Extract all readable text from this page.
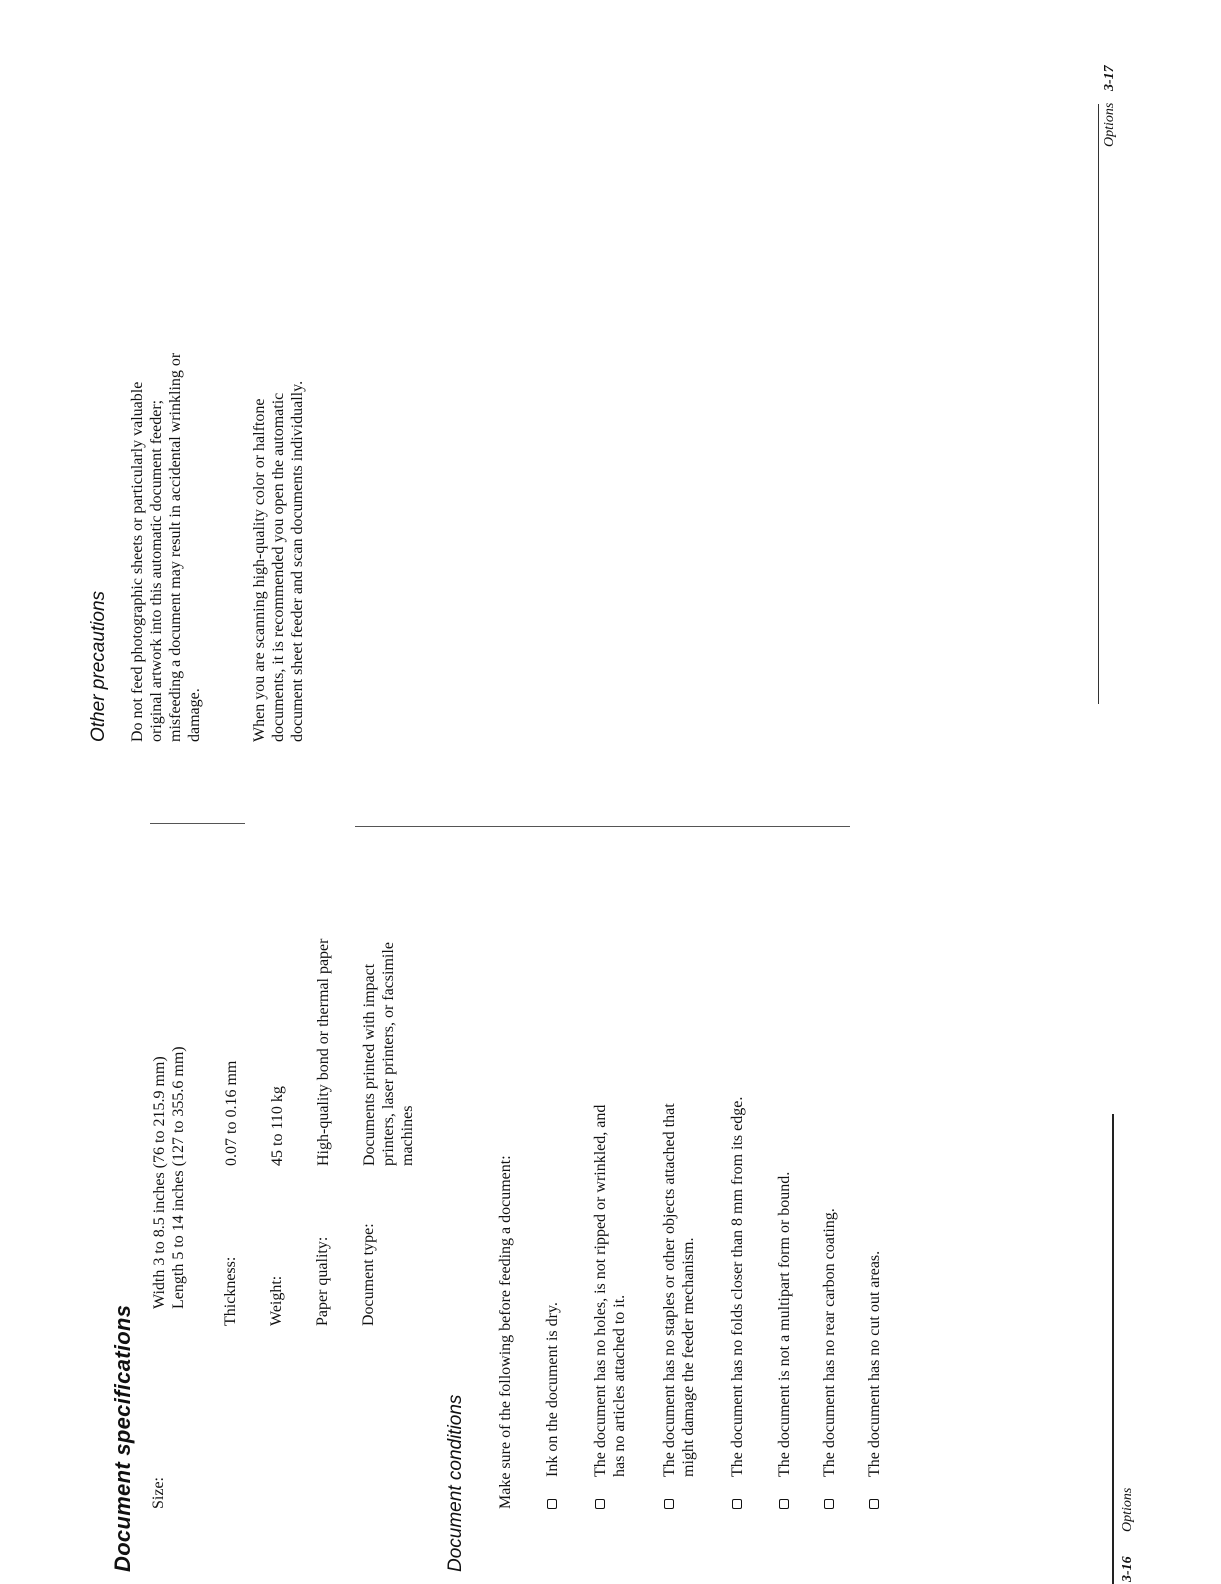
Document specifications Size:
Width 3 to 8.5 inches (76 to 215.9 mm) Length 5 to 14 inches (127 to 355.6 mm) Thickness:
0.07 to 0.16 mm
Weight:
45 to 110 kg
Paper quality:
High-quality bond or thermal paper
Document type:
Documents printed with impact printers, laser printers, or facsimile machines
Document conditions Make sure of the following before feeding a document: Ink on the document is dry. The document has no holes, is not ripped or wrinkled, and has no articles attached to it. The document has no staples or other objects attached that might damage the feeder mechanism. The document has no folds closer than 8 mm from its edge. The document is not a multipart form or bound. The document has no rear carbon coating. The document has no cut out areas.
3-16
Options
Other precautions Do not feed photographic sheets or particularly valuable original artwork into this automatic document feeder; misfeeding a document may result in accidental wrinkling or damage.	When you are scanning high-quality color or halftone documents, it is recommended you open the automatic document sheet feeder and scan documents individually.
Options
3-17
